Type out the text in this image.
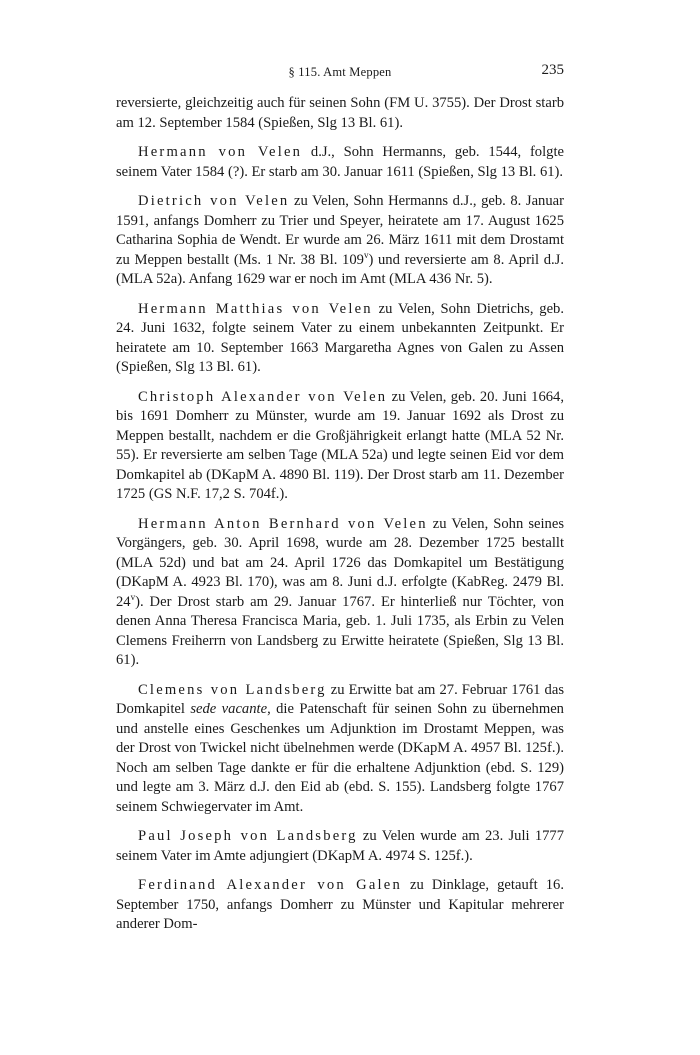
§ 115. Amt Meppen	235

reversierte, gleichzeitig auch für seinen Sohn (FM U. 3755). Der Drost starb am 12. September 1584 (Spießen, Slg 13 Bl. 61).

Hermann von Velen d.J., Sohn Hermanns, geb. 1544, folgte seinem Vater 1584 (?). Er starb am 30. Januar 1611 (Spießen, Slg 13 Bl. 61).

Dietrich von Velen zu Velen, Sohn Hermanns d.J., geb. 8. Januar 1591, anfangs Domherr zu Trier und Speyer, heiratete am 17. August 1625 Catharina Sophia de Wendt. Er wurde am 26. März 1611 mit dem Drostamt zu Meppen bestallt (Ms. 1 Nr. 38 Bl. 109$^v$) und reversierte am 8. April d.J. (MLA 52a). Anfang 1629 war er noch im Amt (MLA 436 Nr. 5).

Hermann Matthias von Velen zu Velen, Sohn Dietrichs, geb. 24. Juni 1632, folgte seinem Vater zu einem unbekannten Zeitpunkt. Er heiratete am 10. September 1663 Margaretha Agnes von Galen zu Assen (Spießen, Slg 13 Bl. 61).

Christoph Alexander von Velen zu Velen, geb. 20. Juni 1664, bis 1691 Domherr zu Münster, wurde am 19. Januar 1692 als Drost zu Meppen bestallt, nachdem er die Großjährigkeit erlangt hatte (MLA 52 Nr. 55). Er reversierte am selben Tage (MLA 52a) und legte seinen Eid vor dem Domkapitel ab (DKapM A. 4890 Bl. 119). Der Drost starb am 11. Dezember 1725 (GS N.F. 17,2 S. 704f.).

Hermann Anton Bernhard von Velen zu Velen, Sohn seines Vorgängers, geb. 30. April 1698, wurde am 28. Dezember 1725 bestallt (MLA 52d) und bat am 24. April 1726 das Domkapitel um Bestätigung (DKapM A. 4923 Bl. 170), was am 8. Juni d.J. erfolgte (KabReg. 2479 Bl. 24$^v$). Der Drost starb am 29. Januar 1767. Er hinterließ nur Töchter, von denen Anna Theresa Francisca Maria, geb. 1. Juli 1735, als Erbin zu Velen Clemens Freiherrn von Landsberg zu Erwitte heiratete (Spießen, Slg 13 Bl. 61).

Clemens von Landsberg zu Erwitte bat am 27. Februar 1761 das Domkapitel sede vacante, die Patenschaft für seinen Sohn zu übernehmen und anstelle eines Geschenkes um Adjunktion im Drostamt Meppen, was der Drost von Twickel nicht übelnehmen werde (DKapM A. 4957 Bl. 125f.). Noch am selben Tage dankte er für die erhaltene Adjunktion (ebd. S. 129) und legte am 3. März d.J. den Eid ab (ebd. S. 155). Landsberg folgte 1767 seinem Schwiegervater im Amt.

Paul Joseph von Landsberg zu Velen wurde am 23. Juli 1777 seinem Vater im Amte adjungiert (DKapM A. 4974 S. 125f.).

Ferdinand Alexander von Galen zu Dinklage, getauft 16. September 1750, anfangs Domherr zu Münster und Kapitular mehrerer anderer Dom-
